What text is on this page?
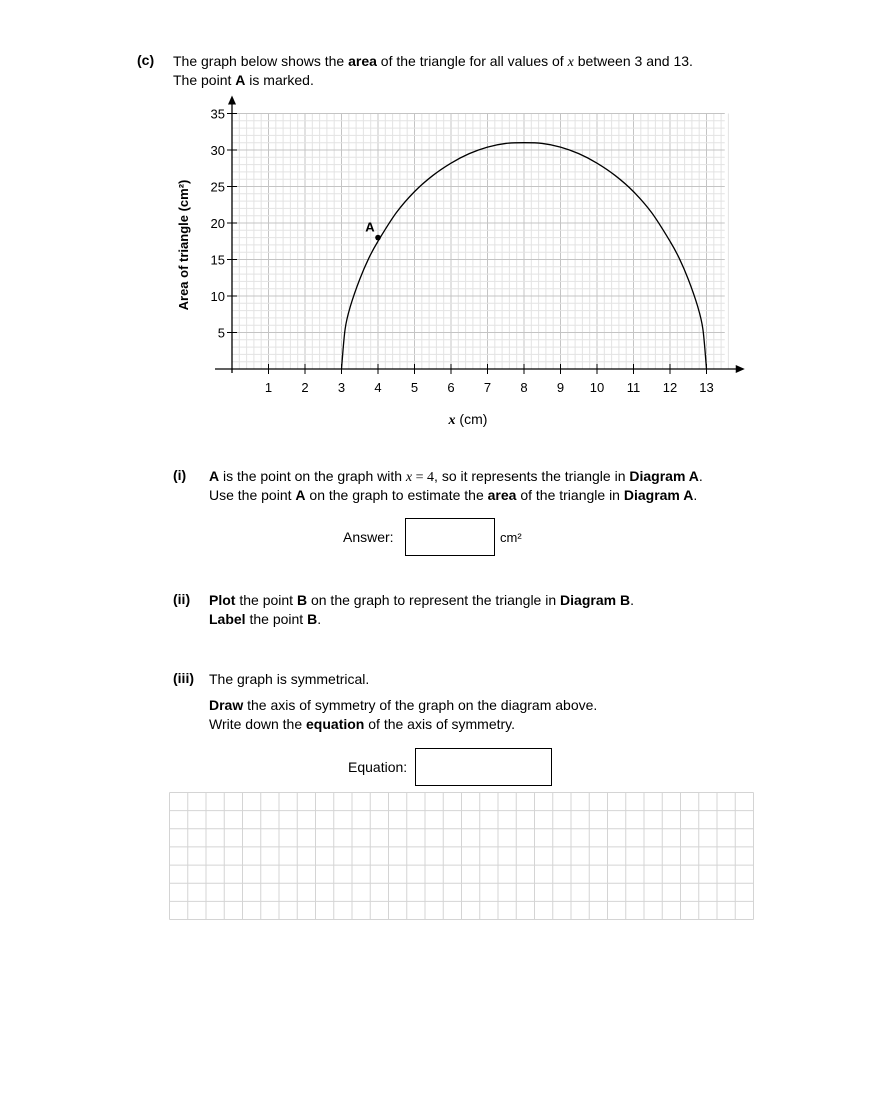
(c) The graph below shows the area of the triangle for all values of x between 3 and 13.
The point A is marked.
1 2 3 4 5 6 7 8 9 10 11 12 13
5
10
15
20
25
30
35
A
Area of triangle (cm²)
x (cm)
(i) A is the point on the graph with x = 4, so it represents the triangle in Diagram A.
Use the point A on the graph to estimate the area of the triangle in Diagram A.
Answer:	cm²
(ii) Plot the point B on the graph to represent the triangle in Diagram B.
Label the point B.
(iii) The graph is symmetrical.
Draw the axis of symmetry of the graph on the diagram above.
Write down the equation of the axis of symmetry.
Equation:
